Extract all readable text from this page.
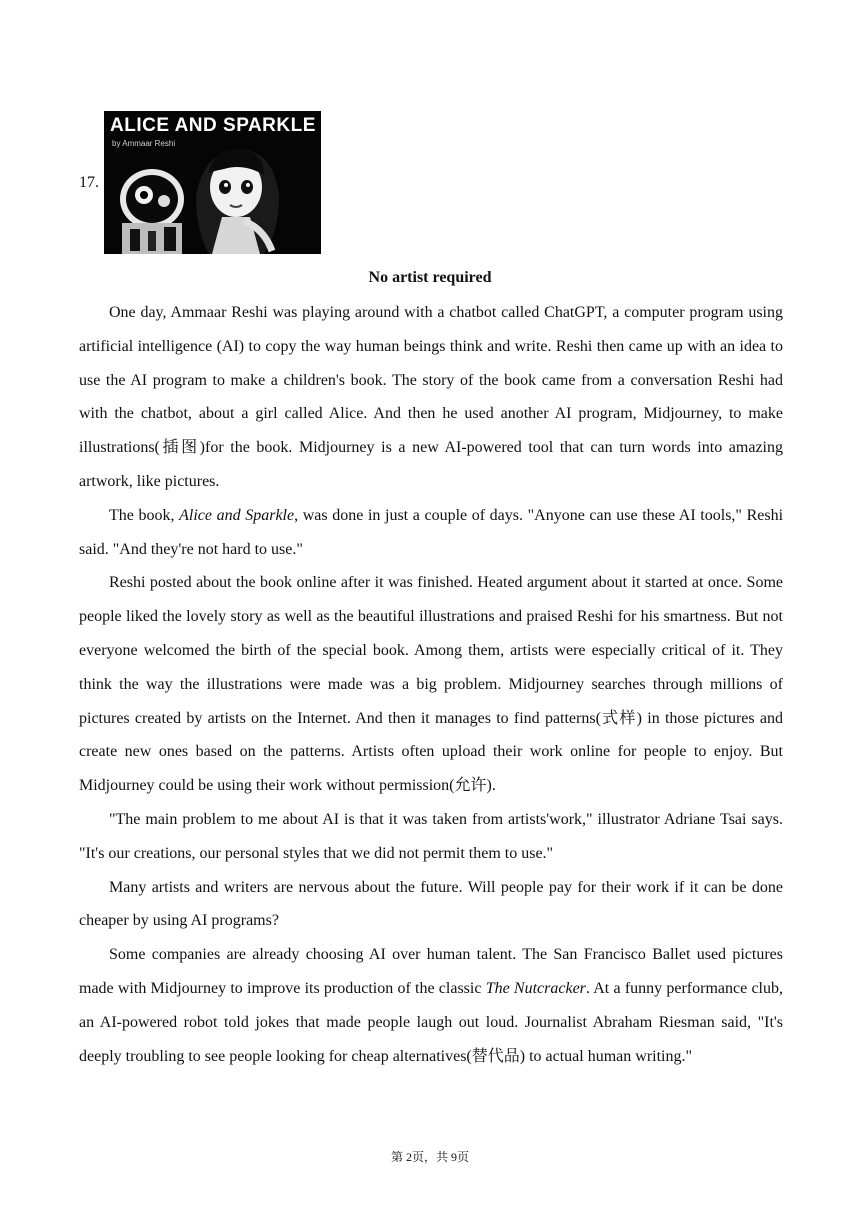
17.
ALICE AND SPARKLE
by Ammaar Reshi
No artist required

One day, Ammaar Reshi was playing around with a chatbot called ChatGPT, a computer program using artificial intelligence (AI) to copy the way human beings think and write. Reshi then came up with an idea to use the AI program to make a children's book. The story of the book came from a conversation Reshi had with the chatbot, about a girl called Alice. And then he used another AI program, Midjourney, to make illustrations(插图)for the book. Midjourney is a new AI-powered tool that can turn words into amazing artwork, like pictures.

The book, Alice and Sparkle, was done in just a couple of days. "Anyone can use these AI tools," Reshi said. "And they're not hard to use."

Reshi posted about the book online after it was finished. Heated argument about it started at once. Some people liked the lovely story as well as the beautiful illustrations and praised Reshi for his smartness. But not everyone welcomed the birth of the special book. Among them, artists were especially critical of it. They think the way the illustrations were made was a big problem. Midjourney searches through millions of pictures created by artists on the Internet. And then it manages to find patterns(式样) in those pictures and create new ones based on the patterns. Artists often upload their work online for people to enjoy. But Midjourney could be using their work without permission(允许).

"The main problem to me about AI is that it was taken from artists'work," illustrator Adriane Tsai says. "It's our creations, our personal styles that we did not permit them to use."

Many artists and writers are nervous about the future. Will people pay for their work if it can be done cheaper by using AI programs?

Some companies are already choosing AI over human talent. The San Francisco Ballet used pictures made with Midjourney to improve its production of the classic The Nutcracker. At a funny performance club, an AI-powered robot told jokes that made people laugh out loud. Journalist Abraham Riesman said, "It's deeply troubling to see people looking for cheap alternatives(替代品) to actual human writing."

第 2页，共 9页
